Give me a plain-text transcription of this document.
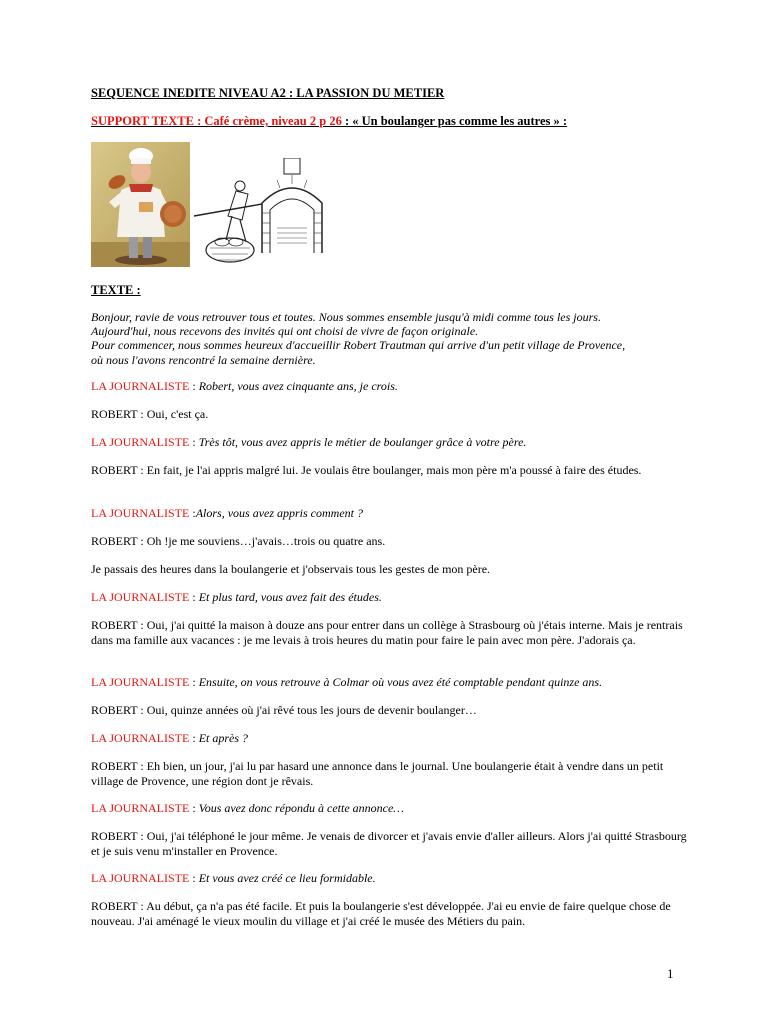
SEQUENCE INEDITE NIVEAU A2 : LA PASSION DU METIER
SUPPORT TEXTE : Café crème, niveau 2 p 26 : « Un boulanger pas comme les autres » :
TEXTE :
Bonjour, ravie de vous retrouver tous et toutes. Nous sommes ensemble jusqu'à midi comme tous les jours.
Aujourd'hui, nous recevons des invités qui ont choisi de vivre de façon originale.
Pour commencer, nous sommes heureux d'accueillir Robert Trautman qui arrive d'un petit village de Provence,
où nous l'avons rencontré la semaine dernière.
LA JOURNALISTE : Robert, vous avez cinquante ans, je crois.
ROBERT : Oui, c'est ça.
LA JOURNALISTE : Très tôt, vous avez appris le métier de boulanger grâce à votre père.
ROBERT : En fait, je l'ai appris malgré lui. Je voulais être boulanger, mais mon père m'a poussé à faire des études.
LA JOURNALISTE :Alors, vous avez appris comment ?
ROBERT : Oh !je me souviens…j'avais…trois ou quatre ans.
Je passais des heures dans la boulangerie et j'observais tous les gestes de mon père.
LA JOURNALISTE : Et plus tard, vous avez fait des études.
ROBERT : Oui, j'ai quitté la maison à douze ans pour entrer dans un collège à Strasbourg où j'étais interne. Mais je rentrais dans ma famille aux vacances : je me levais à trois heures du matin pour faire le pain avec mon père. J'adorais ça.
LA JOURNALISTE : Ensuite, on vous retrouve à Colmar où vous avez été comptable pendant quinze ans.
ROBERT : Oui, quinze années où j'ai rêvé tous les jours de devenir boulanger…
LA JOURNALISTE : Et après ?
ROBERT : Eh bien, un jour, j'ai lu par hasard une annonce dans le journal. Une boulangerie était à vendre dans un petit village de Provence, une région dont je rêvais.
LA JOURNALISTE : Vous avez donc répondu à cette annonce…
ROBERT : Oui, j'ai téléphoné le jour même. Je venais de divorcer et j'avais envie d'aller ailleurs. Alors j'ai quitté Strasbourg et je suis venu m'installer en Provence.
LA JOURNALISTE : Et vous avez créé ce lieu formidable.
ROBERT : Au début, ça n'a pas été facile. Et puis la boulangerie s'est développée. J'ai eu envie de faire quelque chose de nouveau. J'ai aménagé le vieux moulin du village et j'ai créé le musée des Métiers du pain.
1
